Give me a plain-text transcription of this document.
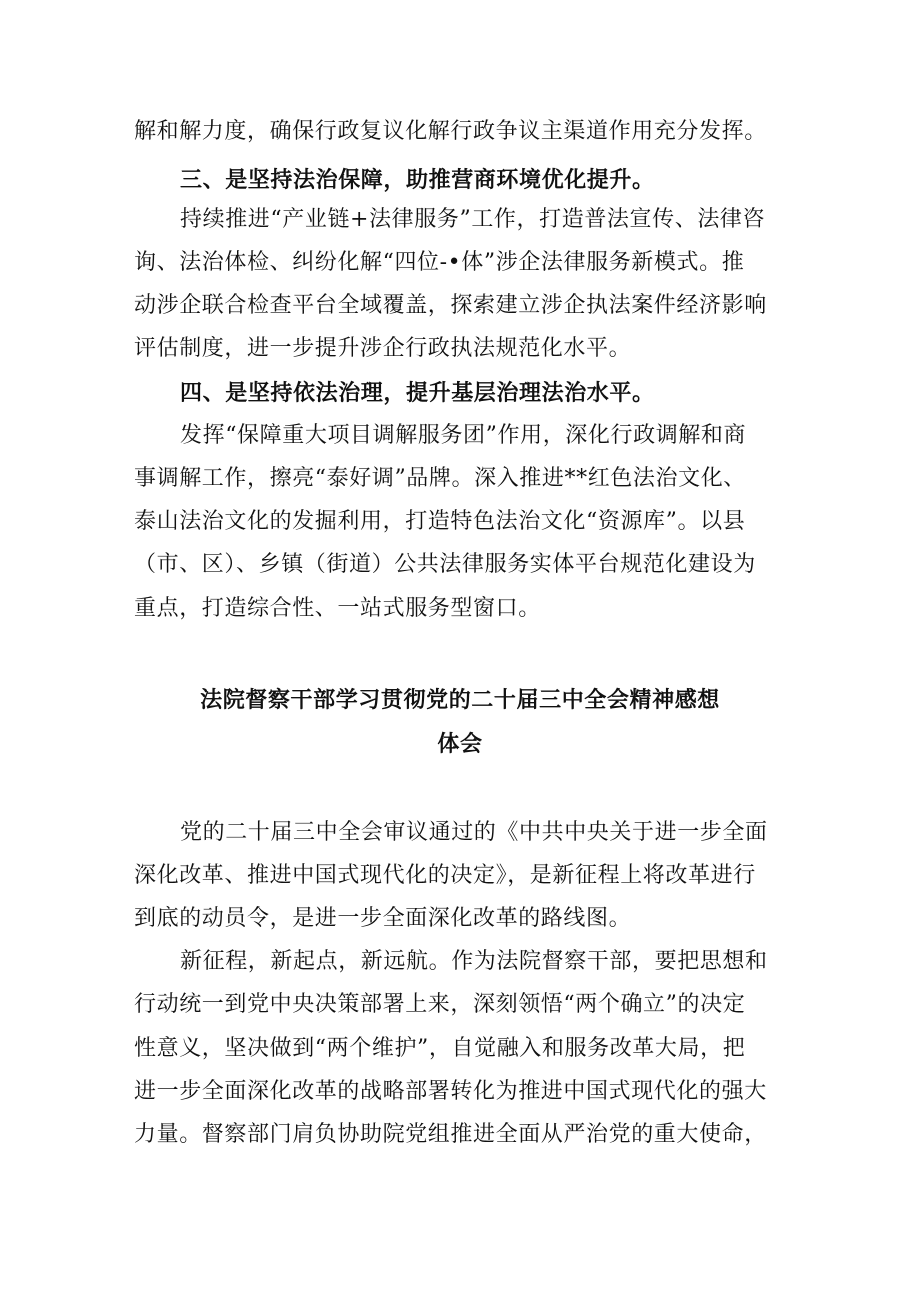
解和解力度，确保行政复议化解行政争议主渠道作用充分发挥。
三、是坚持法治保障，助推营商环境优化提升。
持续推进“产业链+法律服务”工作，打造普法宣传、法律咨
询、法治体检、纠纷化解“四位-•体”涉企法律服务新模式。推
动涉企联合检查平台全域覆盖，探索建立涉企执法案件经济影响
评估制度，进一步提升涉企行政执法规范化水平。
四、是坚持依法治理，提升基层治理法治水平。
发挥“保障重大项目调解服务团”作用，深化行政调解和商
事调解工作，擦亮“泰好调”品牌。深入推进**红色法治文化、
泰山法治文化的发掘利用，打造特色法治文化“资源库”。以县
（市、区）、乡镇（街道）公共法律服务实体平台规范化建设为
重点，打造综合性、一站式服务型窗口。
法院督察干部学习贯彻党的二十届三中全会精神感想
体会
党的二十届三中全会审议通过的《中共中央关于进一步全面
深化改革、推进中国式现代化的决定》，是新征程上将改革进行
到底的动员令，是进一步全面深化改革的路线图。
新征程，新起点，新远航。作为法院督察干部，要把思想和
行动统一到党中央决策部署上来，深刻领悟“两个确立”的决定
性意义，坚决做到“两个维护”，自觉融入和服务改革大局，把
进一步全面深化改革的战略部署转化为推进中国式现代化的强大
力量。督察部门肩负协助院党组推进全面从严治党的重大使命，
